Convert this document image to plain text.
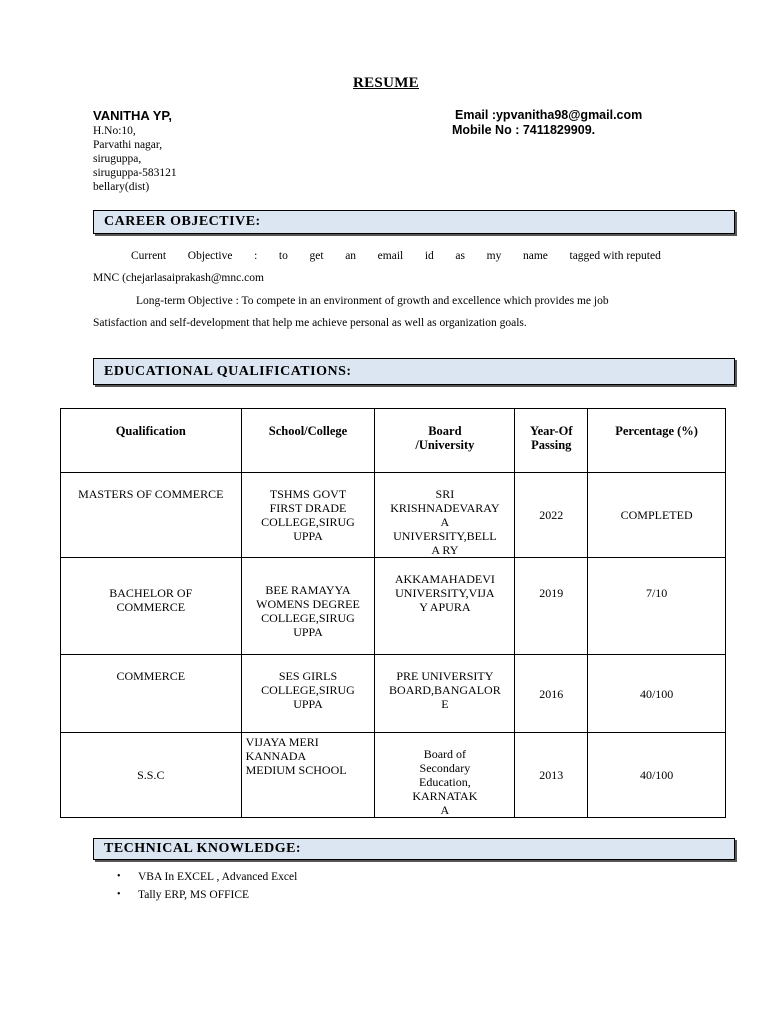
RESUME
VANITHA YP,
H.No:10,
Parvathi nagar,
siruguppa,
siruguppa-583121
bellary(dist)
Email :ypvanitha98@gmail.com
Mobile No : 7411829909.
CAREER OBJECTIVE:
Current Objective : to get an email id as my name tagged with reputed
MNC (chejarlasaiprakash@mnc.com
Long-term Objective : To compete in an environment of growth and excellence which provides me job
Satisfaction and self-development that help me achieve personal as well as organization goals.
EDUCATIONAL QUALIFICATIONS:
Qualification	School/College	Board
/University	Year-Of
Passing	Percentage (%)
MASTERS OF COMMERCE	TSHMS GOVT
FIRST DRADE
COLLEGE,SIRUG
UPPA	SRI
KRISHNADEVARAY
A
UNIVERSITY,BELL
A RY	2022	COMPLETED
BACHELOR OF
COMMERCE	BEE RAMAYYA
WOMENS DEGREE
COLLEGE,SIRUG
UPPA	AKKAMAHADEVI
UNIVERSITY,VIJA
Y APURA	2019	7/10
COMMERCE	SES GIRLS
COLLEGE,SIRUG
UPPA	PRE UNIVERSITY
BOARD,BANGALOR
E	2016	40/100
S.S.C	VIJAYA MERI
KANNADA
MEDIUM SCHOOL	Board of
Secondary
Education,
KARNATAK
A	2013	40/100
TECHNICAL KNOWLEDGE:
•	VBA In EXCEL , Advanced Excel
•	Tally ERP, MS OFFICE
